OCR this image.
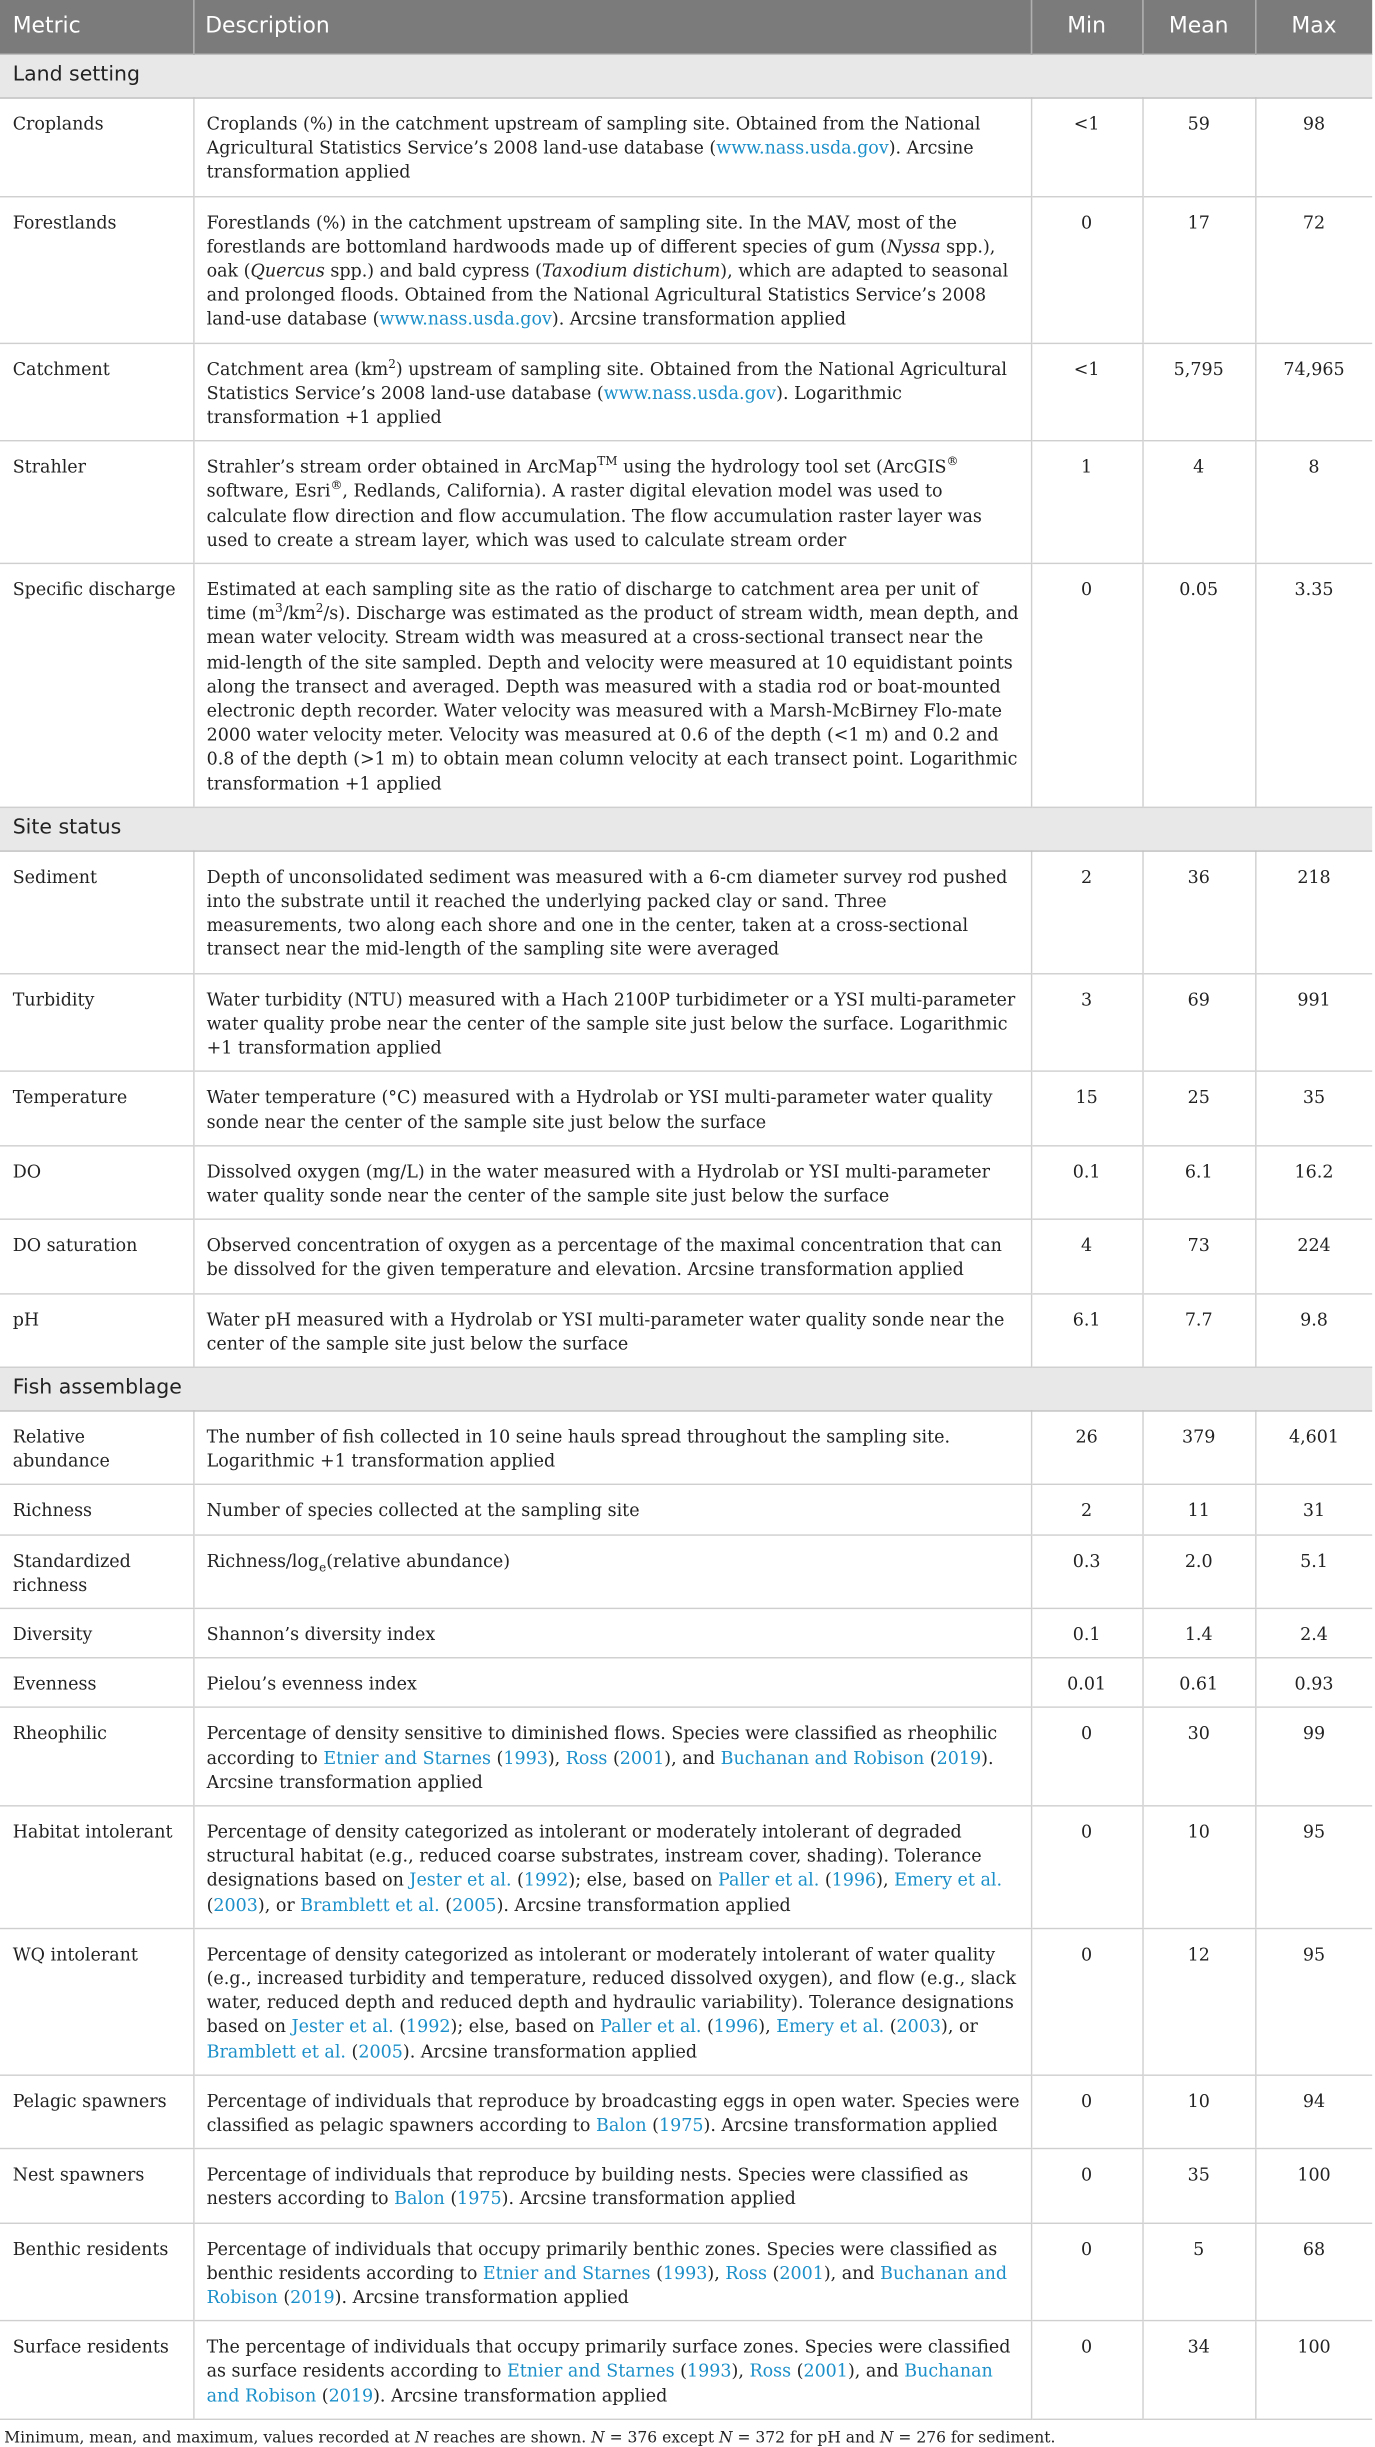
Metric	Description	Min	Mean	Max
Land setting				
Croplands	Croplands (%) in the catchment upstream of sampling site. Obtained from the National Agricultural Statistics Service’s 2008 land-use database (www.nass.usda.gov). Arcsine transformation applied	<1	59	98
Forestlands	Forestlands (%) in the catchment upstream of sampling site. In the MAV, most of the forestlands are bottomland hardwoods made up of different species of gum (Nyssa spp.), oak (Quercus spp.) and bald cypress (Taxodium distichum), which are adapted to seasonal and prolonged floods. Obtained from the National Agricultural Statistics Service’s 2008 land-use database (www.nass.usda.gov). Arcsine transformation applied	0	17	72
Catchment	Catchment area $(km^2)$ upstream of sampling site. Obtained from the National Agricultural Statistics Service’s 2008 land-use database (www.nass.usda.gov). Logarithmic transformation +1 applied	<1	5,795	74,965
Strahler	Strahler’s stream order obtained in ArcMap™ using the hydrology tool set (ArcGIS® software, Esri®, Redlands, California). A raster digital elevation model was used to calculate flow direction and flow accumulation. The flow accumulation raster layer was used to create a stream layer, which was used to calculate stream order	1	4	8
Specific discharge	Estimated at each sampling site as the ratio of discharge to catchment area per unit of time $(m^3/km^2/s)$. Discharge was estimated as the product of stream width, mean depth, and mean water velocity. Stream width was measured at a cross-sectional transect near the mid-length of the site sampled. Depth and velocity were measured at 10 equidistant points along the transect and averaged. Depth was measured with a stadia rod or boat-mounted electronic depth recorder. Water velocity was measured with a Marsh-McBirney Flo-mate 2000 water velocity meter. Velocity was measured at 0.6 of the depth (<1 m) and 0.2 and 0.8 of the depth (>1 m) to obtain mean column velocity at each transect point. Logarithmic transformation +1 applied	0	0.05	3.35
Site status				
Sediment	Depth of unconsolidated sediment was measured with a 6-cm diameter survey rod pushed into the substrate until it reached the underlying packed clay or sand. Three measurements, two along each shore and one in the center, taken at a cross-sectional transect near the mid-length of the sampling site were averaged	2	36	218
Turbidity	Water turbidity (NTU) measured with a Hach 2100P turbidimeter or a YSI multi-parameter water quality probe near the center of the sample site just below the surface. Logarithmic +1 transformation applied	3	69	991
Temperature	Water temperature (°C) measured with a Hydrolab or YSI multi-parameter water quality sonde near the center of the sample site just below the surface	15	25	35
DO	Dissolved oxygen (mg/L) in the water measured with a Hydrolab or YSI multi-parameter water quality sonde near the center of the sample site just below the surface	0.1	6.1	16.2
DO saturation	Observed concentration of oxygen as a percentage of the maximal concentration that can be dissolved for the given temperature and elevation. Arcsine transformation applied	4	73	224
pH	Water pH measured with a Hydrolab or YSI multi-parameter water quality sonde near the center of the sample site just below the surface	6.1	7.7	9.8
Fish assemblage				
Relative abundance	The number of fish collected in 10 seine hauls spread throughout the sampling site. Logarithmic +1 transformation applied	26	379	4,601
Richness	Number of species collected at the sampling site	2	11	31
Standardized richness	Richness/$\log_e(relative$ abundance)	0.3	2.0	5.1
Diversity	Shannon’s diversity index	0.1	1.4	2.4
Evenness	Pielou’s evenness index	0.01	0.61	0.93
Rheophilic	Percentage of density sensitive to diminished flows. Species were classified as rheophilic according to Etnier and Starnes (1993), Ross (2001), and Buchanan and Robison (2019). Arcsine transformation applied	0	30	99
Habitat intolerant	Percentage of density categorized as intolerant or moderately intolerant of degraded structural habitat (e.g., reduced coarse substrates, instream cover, shading). Tolerance designations based on Jester et al. (1992); else, based on Paller et al. (1996), Emery et al. (2003), or Bramblett et al. (2005). Arcsine transformation applied	0	10	95
WQ intolerant	Percentage of density categorized as intolerant or moderately intolerant of water quality (e.g., increased turbidity and temperature, reduced dissolved oxygen), and flow (e.g., slack water, reduced depth and reduced depth and hydraulic variability). Tolerance designations based on Jester et al. (1992); else, based on Paller et al. (1996), Emery et al. (2003), or Bramblett et al. (2005). Arcsine transformation applied	0	12	95
Pelagic spawners	Percentage of individuals that reproduce by broadcasting eggs in open water. Species were classified as pelagic spawners according to Balon (1975). Arcsine transformation applied	0	10	94
Nest spawners	Percentage of individuals that reproduce by building nests. Species were classified as nesters according to Balon (1975). Arcsine transformation applied	0	35	100
Benthic residents	Percentage of individuals that occupy primarily benthic zones. Species were classified as benthic residents according to Etnier and Starnes (1993), Ross (2001), and Buchanan and Robison (2019). Arcsine transformation applied	0	5	68
Surface residents	The percentage of individuals that occupy primarily surface zones. Species were classified as surface residents according to Etnier and Starnes (1993), Ross (2001), and Buchanan and Robison (2019). Arcsine transformation applied	0	34	100
Minimum, mean, and maximum, values recorded at N reaches are shown. N = 376 except N = 372 for pH and N = 276 for sediment.
